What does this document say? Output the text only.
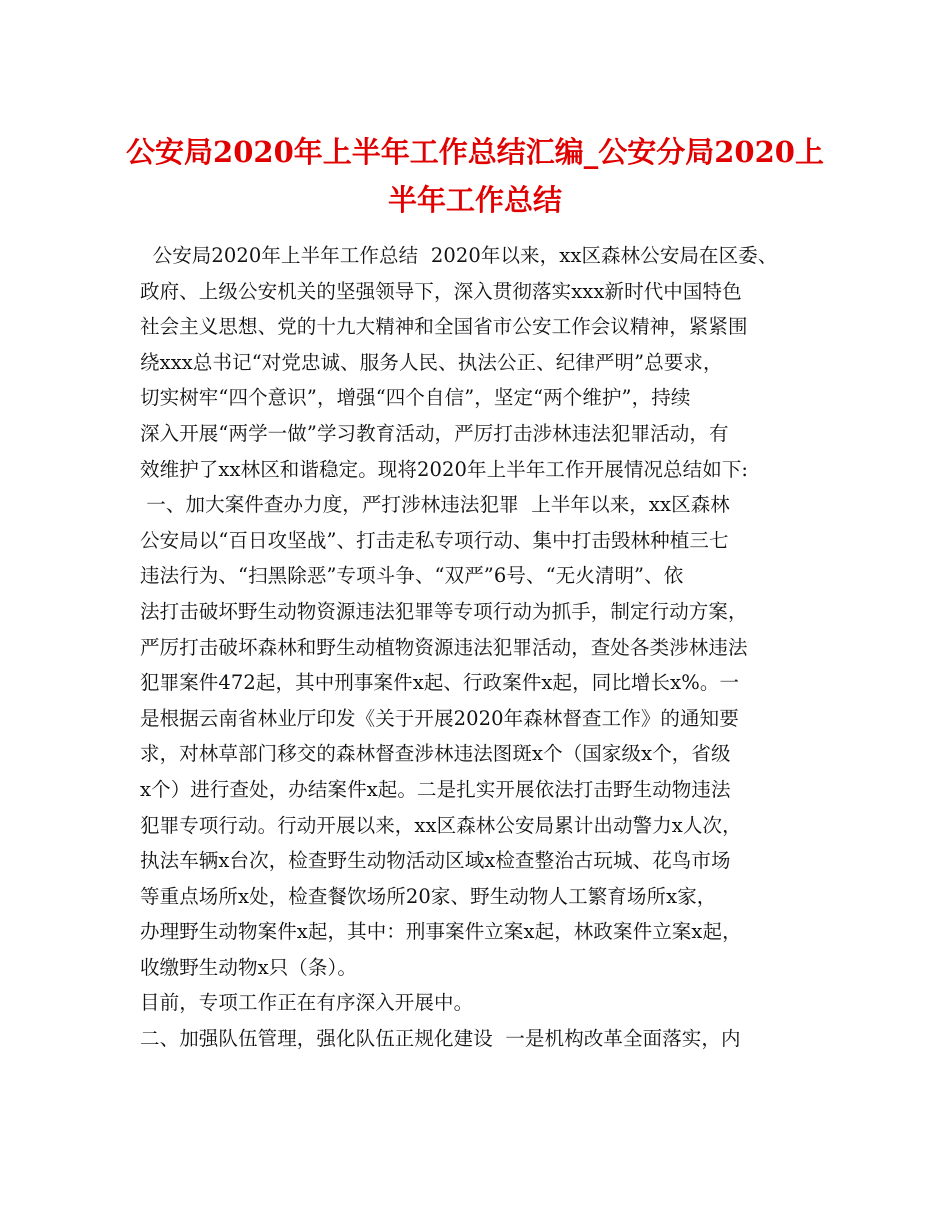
公安局2020年上半年工作总结汇编_公安分局2020上
半年工作总结
公安局2020年上半年工作总结  2020年以来，xx区森林公安局在区委、
政府、上级公安机关的坚强领导下，深入贯彻落实xxx新时代中国特色
社会主义思想、党的十九大精神和全国省市公安工作会议精神，紧紧围
绕xxx总书记“对党忠诚、服务人民、执法公正、纪律严明”总要求，
切实树牢“四个意识”，增强“四个自信”，坚定“两个维护”，持续
深入开展“两学一做”学习教育活动，严厉打击涉林违法犯罪活动，有
效维护了xx林区和谐稳定。现将2020年上半年工作开展情况总结如下:
一、加大案件查办力度，严打涉林违法犯罪  上半年以来，xx区森林
公安局以“百日攻坚战”、打击走私专项行动、集中打击毁林种植三七
违法行为、“扫黑除恶”专项斗争、“双严”6号、“无火清明”、依
法打击破坏野生动物资源违法犯罪等专项行动为抓手，制定行动方案，
严厉打击破坏森林和野生动植物资源违法犯罪活动，查处各类涉林违法
犯罪案件472起，其中刑事案件x起、行政案件x起，同比增长x%。一
是根据云南省林业厅印发《关于开展2020年森林督查工作》的通知要
求，对林草部门移交的森林督查涉林违法图斑x个（国家级x个，省级
x个）进行查处，办结案件x起。二是扎实开展依法打击野生动物违法
犯罪专项行动。行动开展以来，xx区森林公安局累计出动警力x人次，
执法车辆x台次，检查野生动物活动区域x检查整治古玩城、花鸟市场
等重点场所x处，检查餐饮场所20家、野生动物人工繁育场所x家，
办理野生动物案件x起，其中：刑事案件立案x起，林政案件立案x起，
收缴野生动物x只（条）。
目前，专项工作正在有序深入开展中。
二、加强队伍管理，强化队伍正规化建设  一是机构改革全面落实，内
